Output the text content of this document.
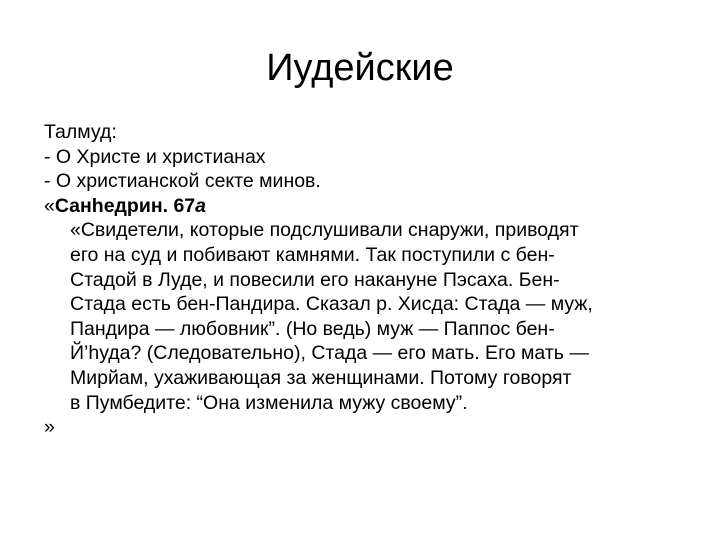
Иудейские
Талмуд:
- О Христе и христианах
- О христианской секте минов.
«Санhедрин. 67а
«Свидетели, которые подслушивали снаружи, приводят
его на суд и побивают камнями. Так поступили с бен-
Стадой в Луде, и повесили его накануне Пэсаха. Бен-
Стада есть бен-Пандира. Сказал р. Хисда: Стада — муж,
Пандира — любовник”. (Но ведь) муж — Паппос бен-
Й’hуда? (Следовательно), Стада — его мать. Его мать —
Мирйам, ухаживающая за женщинами. Потому говорят
в Пумбедите: “Она изменила мужу своему”.
»
